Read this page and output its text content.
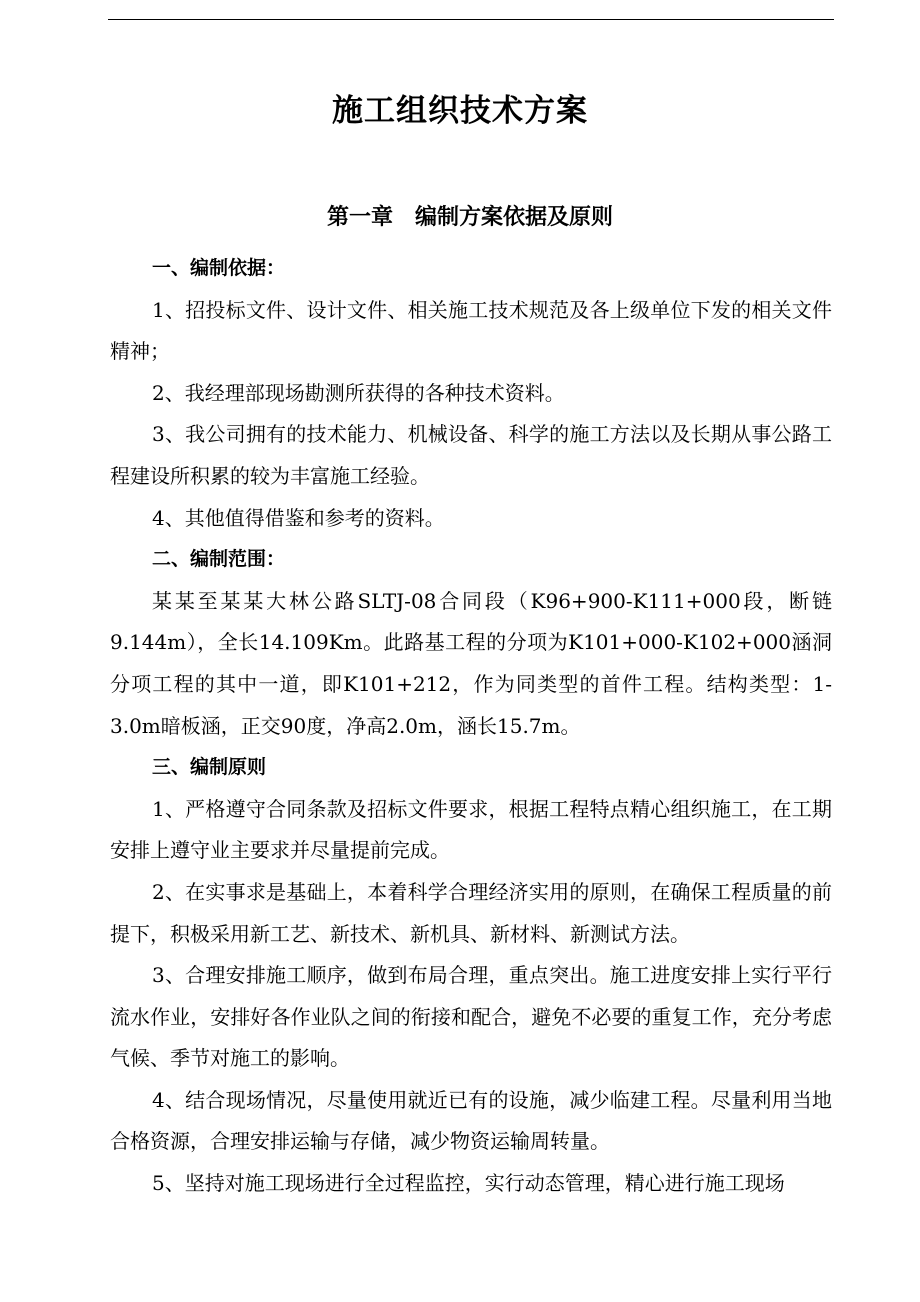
施工组织技术方案
第一章　编制方案依据及原则

一、编制依据：

1、招投标文件、设计文件、相关施工技术规范及各上级单位下发的相关文件精神；

2、我经理部现场勘测所获得的各种技术资料。

3、我公司拥有的技术能力、机械设备、科学的施工方法以及长期从事公路工程建设所积累的较为丰富施工经验。

4、其他值得借鉴和参考的资料。

二、编制范围：

某某至某某大林公路SLTJ-08合同段（K96+900-K111+000段，断链9.144m），全长14.109Km。此路基工程的分项为K101+000-K102+000涵洞分项工程的其中一道，即K101+212，作为同类型的首件工程。结构类型：1-3.0m暗板涵，正交90度，净高2.0m，涵长15.7m。

三、编制原则

1、严格遵守合同条款及招标文件要求，根据工程特点精心组织施工，在工期安排上遵守业主要求并尽量提前完成。

2、在实事求是基础上，本着科学合理经济实用的原则，在确保工程质量的前提下，积极采用新工艺、新技术、新机具、新材料、新测试方法。

3、合理安排施工顺序，做到布局合理，重点突出。施工进度安排上实行平行流水作业，安排好各作业队之间的衔接和配合，避免不必要的重复工作，充分考虑气候、季节对施工的影响。

4、结合现场情况，尽量使用就近已有的设施，减少临建工程。尽量利用当地合格资源，合理安排运输与存储，减少物资运输周转量。

5、坚持对施工现场进行全过程监控，实行动态管理，精心进行施工现场
